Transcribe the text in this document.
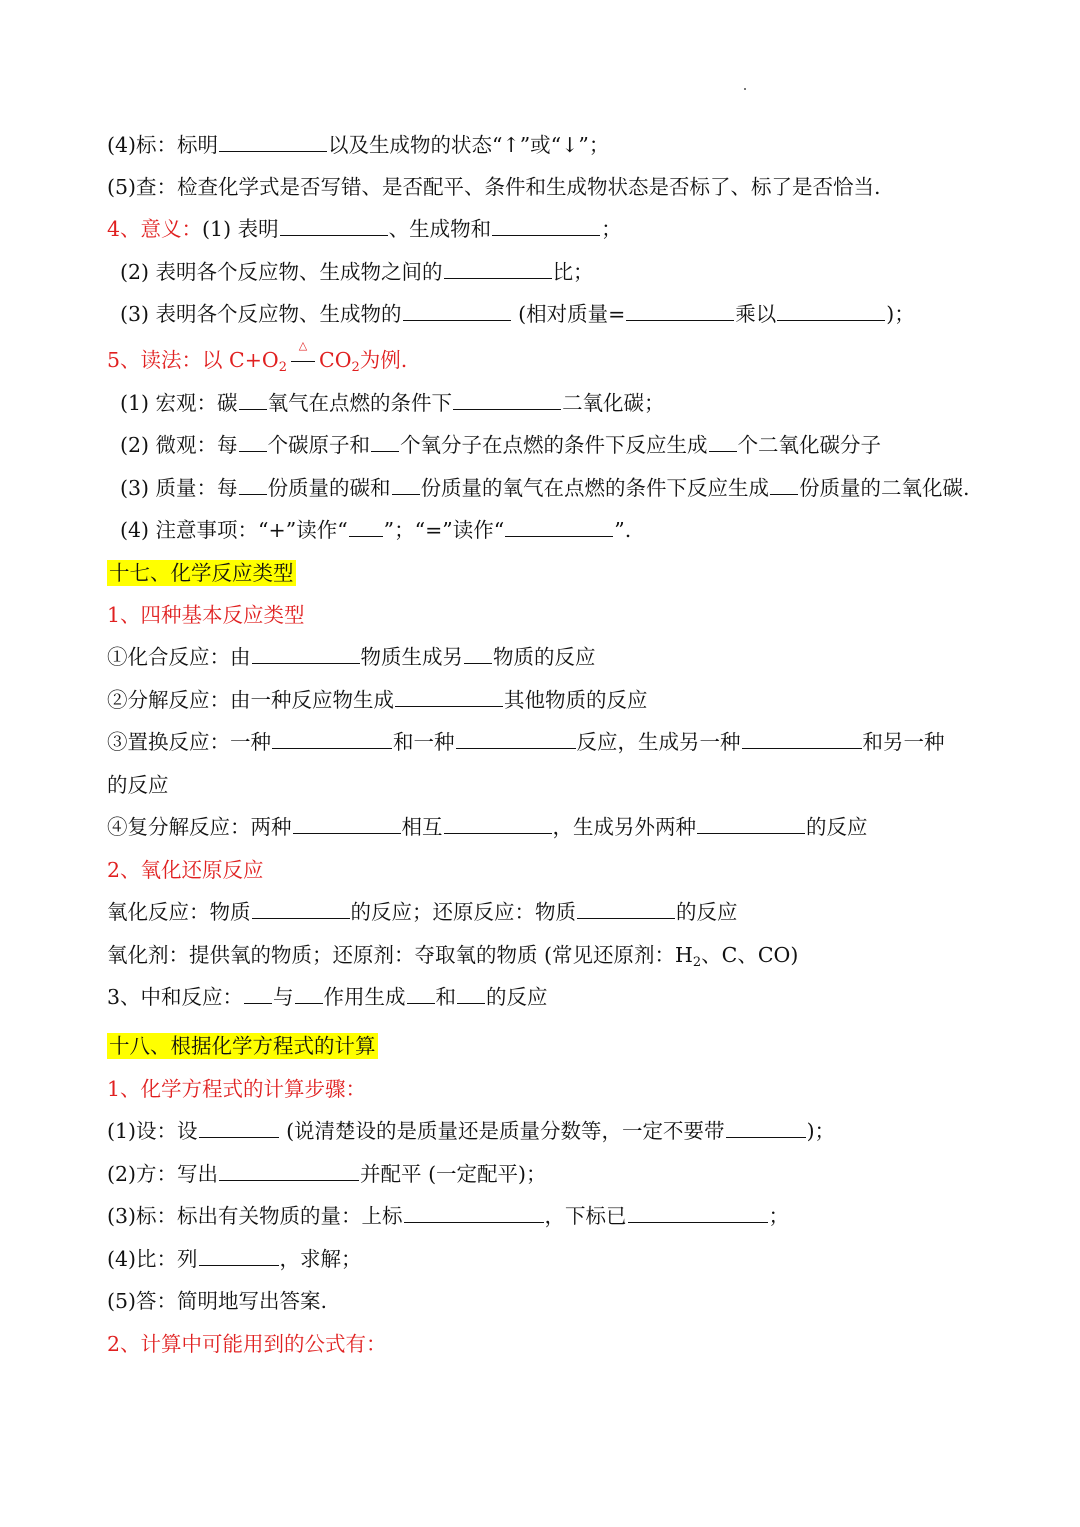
(4)标：标明	以及生成物的状态“↑”或“↓”；
(5)查：检查化学式是否写错、是否配平、条件和生成物状态是否标了、标了是否恰当.
4、意义：(1) 表明	、生成物和	；
(2) 表明各个反应物、生成物之间的	比；
(3) 表明各个反应物、生成物的	(相对质量=	乘以	)；
5、读法：以 $C+O_2$
△
$CO_2$为例.
(1) 宏观：碳 氧气在点燃的条件下	二氧化碳；
(2) 微观：每 个碳原子和 个氧分子在点燃的条件下反应生成 个二氧化碳分子
(3) 质量：每 份质量的碳和 份质量的氧气在点燃的条件下反应生成 份质量的二氧化碳.
(4) 注意事项：“+”读作“ ”；“=”读作“	”.
十七、化学反应类型
1、四种基本反应类型
①化合反应：由	物质生成另 物质的反应
②分解反应：由一种反应物生成	其他物质的反应
③置换反应：一种	和一种	反应，生成另一种	和另一种
的反应
④复分解反应：两种	相互	，生成另外两种	的反应
2、氧化还原反应
氧化反应：物质	的反应；还原反应：物质	的反应
氧化剂：提供氧的物质；还原剂：夺取氧的物质 (常见还原剂：$H_2$、C、CO)
3、中和反应： 与 作用生成 和 的反应
十八、根据化学方程式的计算
1、化学方程式的计算步骤：
(1)设：设	(说清楚设的是质量还是质量分数等，一定不要带	)；
(2)方：写出	并配平 (一定配平)；
(3)标：标出有关物质的量：上标	，下标已	；
(4)比：列	，求解；
(5)答：简明地写出答案.
2、计算中可能用到的公式有：
